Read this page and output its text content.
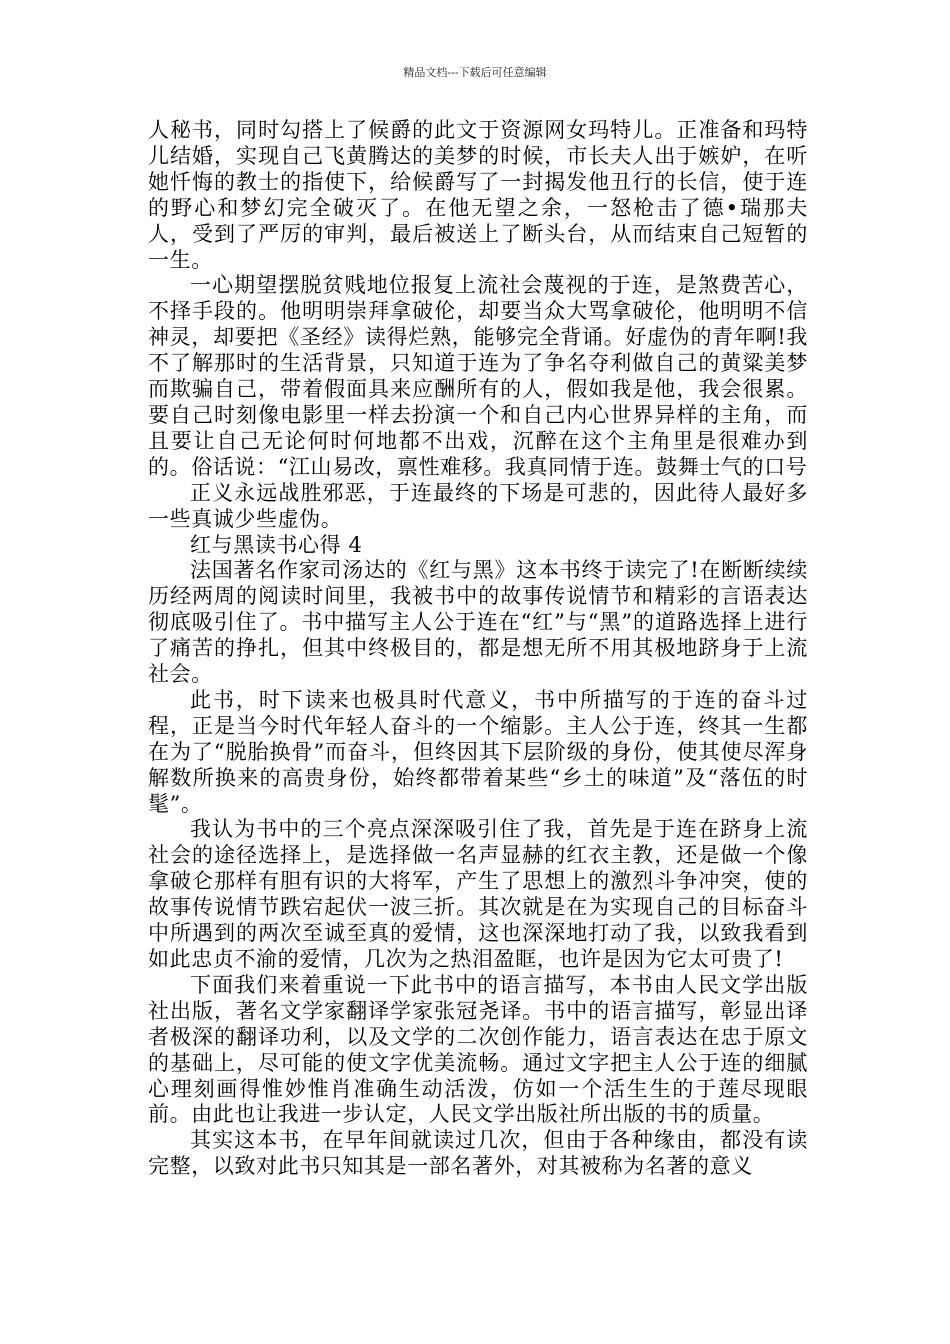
精品文档---下载后可任意编辑

人秘书，同时勾搭上了候爵的此文于资源网女玛特儿。正准备和玛特儿结婚，实现自己飞黄腾达的美梦的时候，市长夫人出于嫉妒，在听她忏悔的教士的指使下，给候爵写了一封揭发他丑行的长信，使于连的野心和梦幻完全破灭了。在他无望之余，一怒枪击了德•瑞那夫人，受到了严厉的审判，最后被送上了断头台，从而结束自己短暂的一生。

一心期望摆脱贫贱地位报复上流社会蔑视的于连，是煞费苦心，不择手段的。他明明崇拜拿破伦，却要当众大骂拿破伦，他明明不信神灵，却要把《圣经》读得烂熟，能够完全背诵。好虚伪的青年啊!我不了解那时的生活背景，只知道于连为了争名夺利做自己的黄粱美梦而欺骗自己，带着假面具来应酬所有的人，假如我是他，我会很累。要自己时刻像电影里一样去扮演一个和自己内心世界异样的主角，而且要让自己无论何时何地都不出戏，沉醉在这个主角里是很难办到的。俗话说：“江山易改，禀性难移。我真同情于连。鼓舞士气的口号

正义永远战胜邪恶，于连最终的下场是可悲的，因此待人最好多一些真诚少些虚伪。

红与黑读书心得 4

法国著名作家司汤达的《红与黑》这本书终于读完了!在断断续续历经两周的阅读时间里，我被书中的故事传说情节和精彩的言语表达彻底吸引住了。书中描写主人公于连在“红”与“黑”的道路选择上进行了痛苦的挣扎，但其中终极目的，都是想无所不用其极地跻身于上流社会。

此书，时下读来也极具时代意义，书中所描写的于连的奋斗过程，正是当今时代年轻人奋斗的一个缩影。主人公于连，终其一生都在为了“脱胎换骨”而奋斗，但终因其下层阶级的身份，使其使尽浑身解数所换来的高贵身份，始终都带着某些“乡土的味道”及“落伍的时髦”。

我认为书中的三个亮点深深吸引住了我，首先是于连在跻身上流社会的途径选择上，是选择做一名声显赫的红衣主教，还是做一个像拿破仑那样有胆有识的大将军，产生了思想上的激烈斗争冲突，使的故事传说情节跌宕起伏一波三折。其次就是在为实现自己的目标奋斗中所遇到的两次至诚至真的爱情，这也深深地打动了我，以致我看到如此忠贞不渝的爱情，几次为之热泪盈眶，也许是因为它太可贵了!

下面我们来着重说一下此书中的语言描写，本书由人民文学出版社出版，著名文学家翻译学家张冠尧译。书中的语言描写，彰显出译者极深的翻译功利，以及文学的二次创作能力，语言表达在忠于原文的基础上，尽可能的使文字优美流畅。通过文字把主人公于连的细腻心理刻画得惟妙惟肖准确生动活泼，仿如一个活生生的于莲尽现眼前。由此也让我进一步认定，人民文学出版社所出版的书的质量。

其实这本书，在早年间就读过几次，但由于各种缘由，都没有读完整，以致对此书只知其是一部名著外，对其被称为名著的意义
